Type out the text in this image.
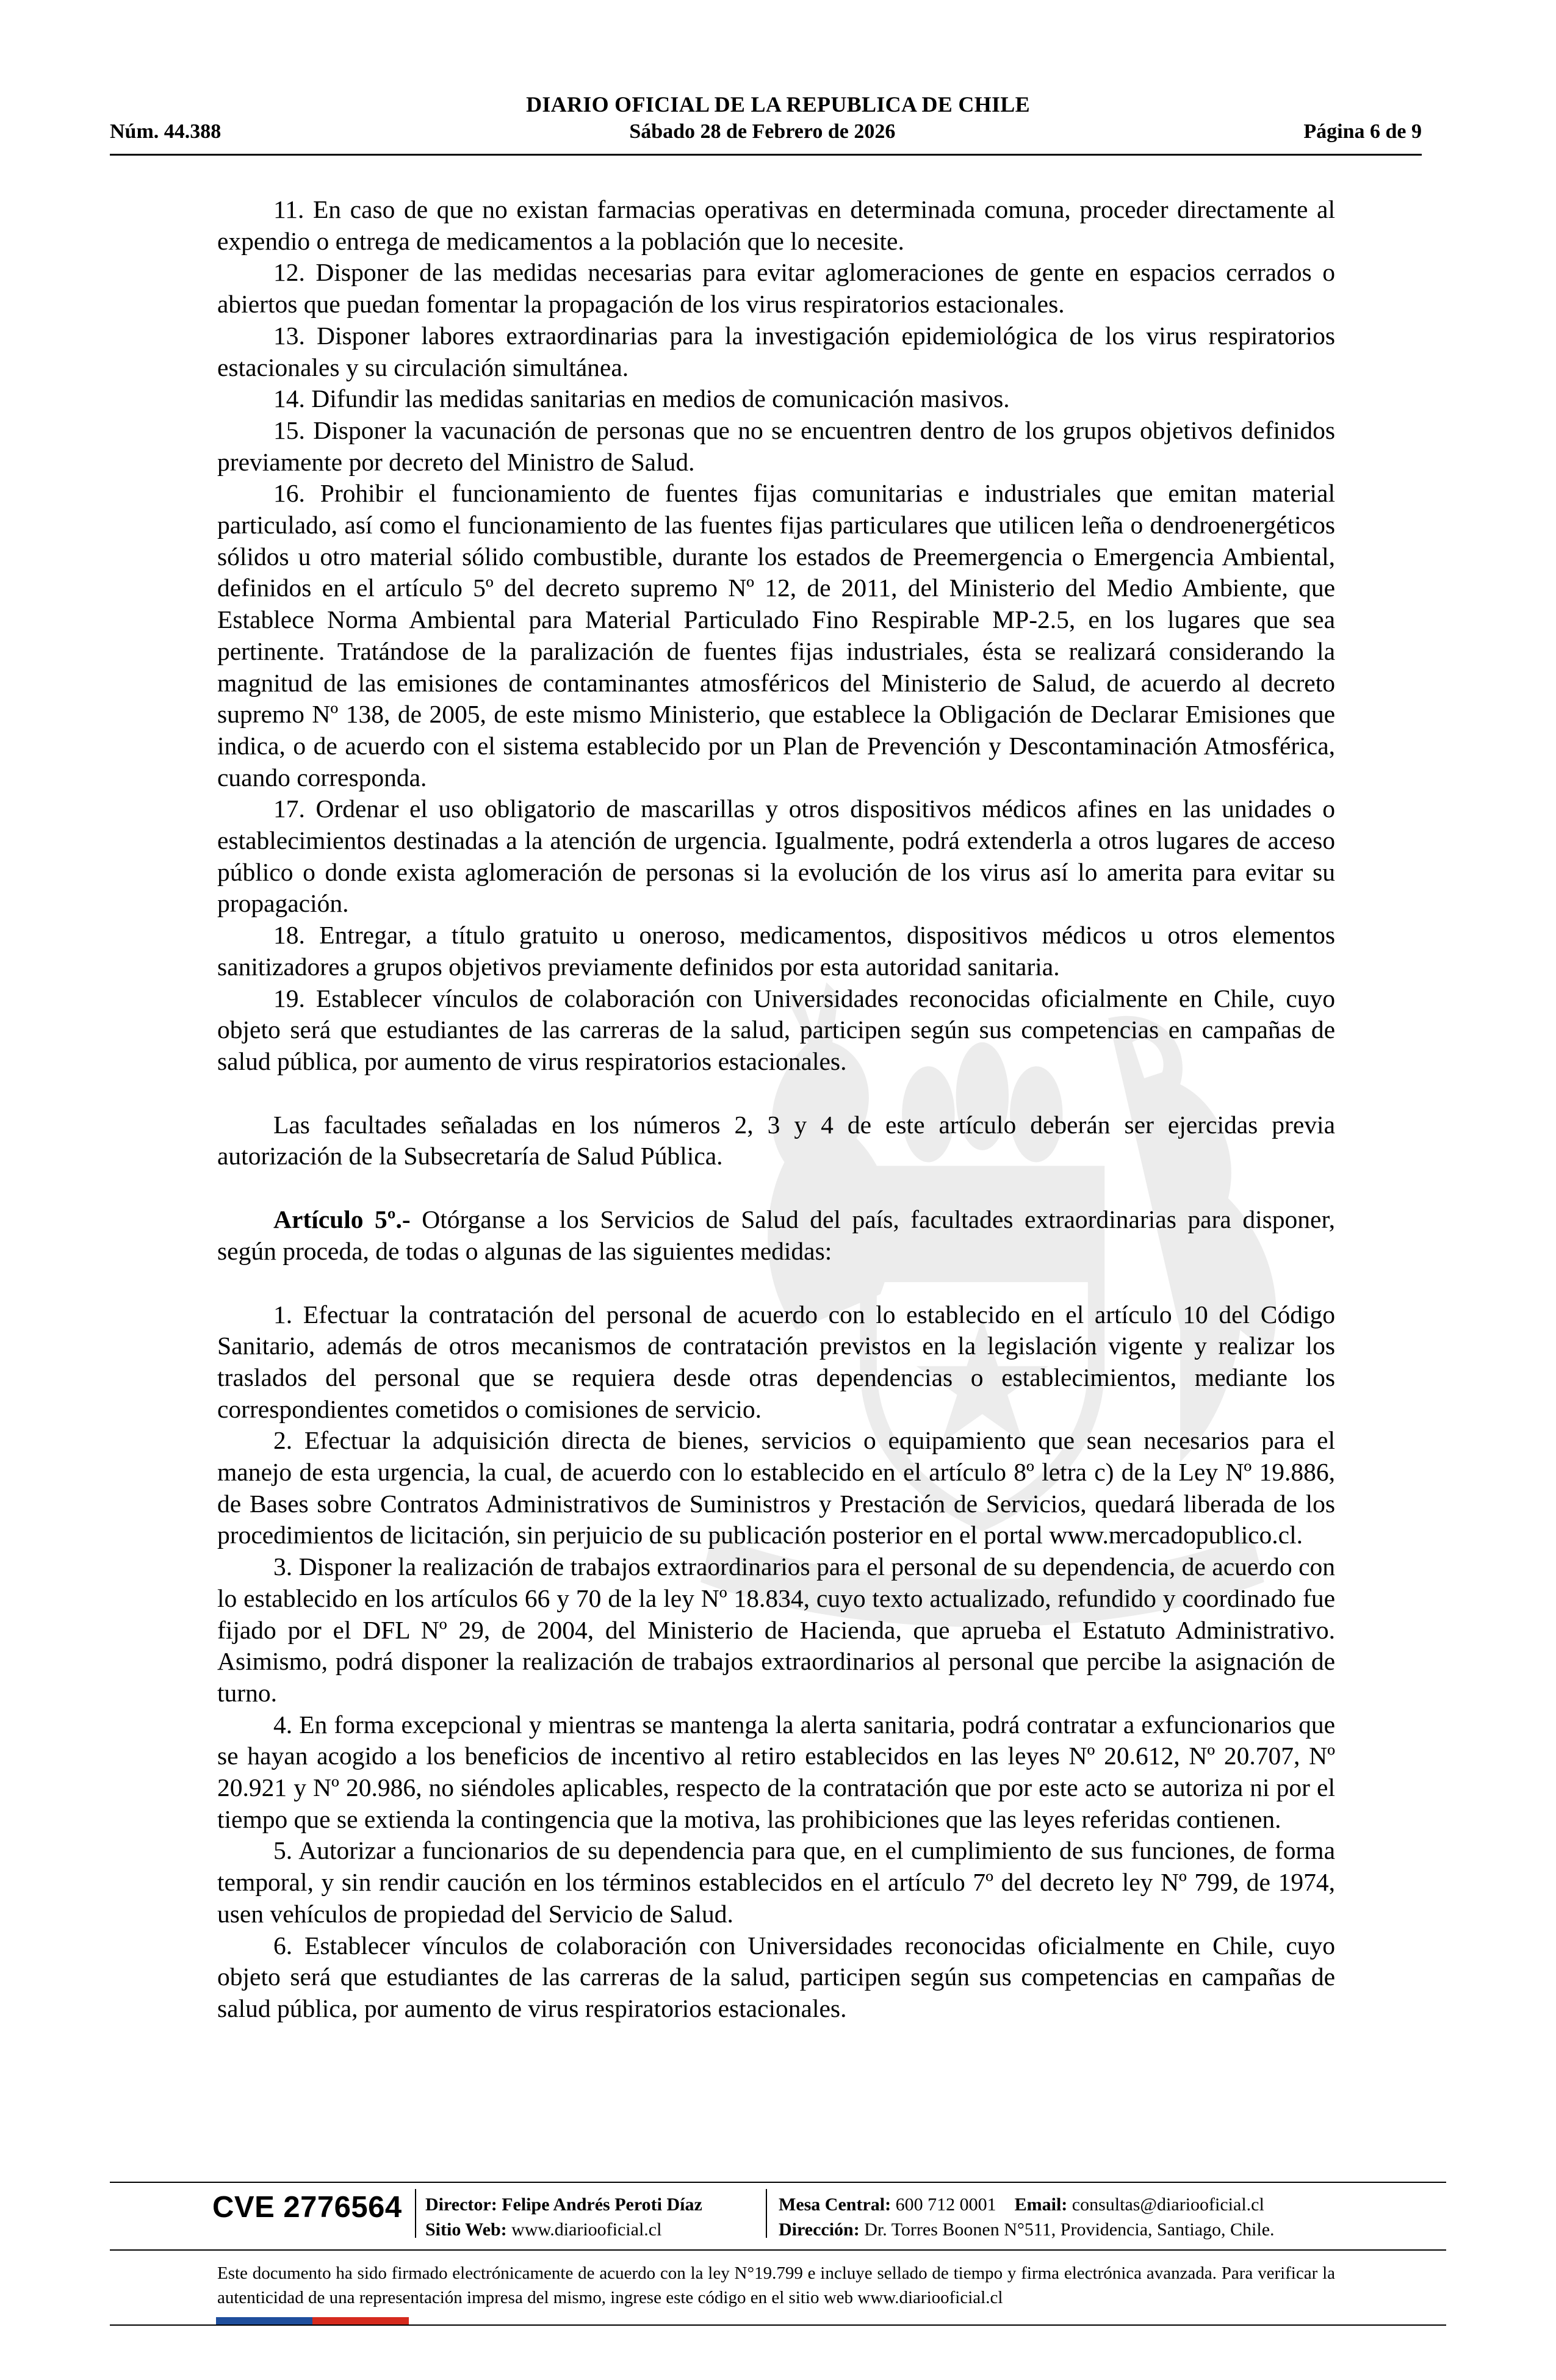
DIARIO OFICIAL DE LA REPUBLICA DE CHILE
Núm. 44.388	Sábado 28 de Febrero de 2026	Página 6 de 9

11. En caso de que no existan farmacias operativas en determinada comuna, proceder directamente al expendio o entrega de medicamentos a la población que lo necesite.

12. Disponer de las medidas necesarias para evitar aglomeraciones de gente en espacios cerrados o abiertos que puedan fomentar la propagación de los virus respiratorios estacionales.

13. Disponer labores extraordinarias para la investigación epidemiológica de los virus respiratorios estacionales y su circulación simultánea.

14. Difundir las medidas sanitarias en medios de comunicación masivos.

15. Disponer la vacunación de personas que no se encuentren dentro de los grupos objetivos definidos previamente por decreto del Ministro de Salud.

16. Prohibir el funcionamiento de fuentes fijas comunitarias e industriales que emitan material particulado, así como el funcionamiento de las fuentes fijas particulares que utilicen leña o dendroenergéticos sólidos u otro material sólido combustible, durante los estados de Preemergencia o Emergencia Ambiental, definidos en el artículo 5º del decreto supremo Nº 12, de 2011, del Ministerio del Medio Ambiente, que Establece Norma Ambiental para Material Particulado Fino Respirable MP-2.5, en los lugares que sea pertinente. Tratándose de la paralización de fuentes fijas industriales, ésta se realizará considerando la magnitud de las emisiones de contaminantes atmosféricos del Ministerio de Salud, de acuerdo al decreto supremo Nº 138, de 2005, de este mismo Ministerio, que establece la Obligación de Declarar Emisiones que indica, o de acuerdo con el sistema establecido por un Plan de Prevención y Descontaminación Atmosférica, cuando corresponda.

17. Ordenar el uso obligatorio de mascarillas y otros dispositivos médicos afines en las unidades o establecimientos destinadas a la atención de urgencia. Igualmente, podrá extenderla a otros lugares de acceso público o donde exista aglomeración de personas si la evolución de los virus así lo amerita para evitar su propagación.

18. Entregar, a título gratuito u oneroso, medicamentos, dispositivos médicos u otros elementos sanitizadores a grupos objetivos previamente definidos por esta autoridad sanitaria.

19. Establecer vínculos de colaboración con Universidades reconocidas oficialmente en Chile, cuyo objeto será que estudiantes de las carreras de la salud, participen según sus competencias en campañas de salud pública, por aumento de virus respiratorios estacionales.

Las facultades señaladas en los números 2, 3 y 4 de este artículo deberán ser ejercidas previa autorización de la Subsecretaría de Salud Pública.

Artículo 5º.- Otórganse a los Servicios de Salud del país, facultades extraordinarias para disponer, según proceda, de todas o algunas de las siguientes medidas:

1. Efectuar la contratación del personal de acuerdo con lo establecido en el artículo 10 del Código Sanitario, además de otros mecanismos de contratación previstos en la legislación vigente y realizar los traslados del personal que se requiera desde otras dependencias o establecimientos, mediante los correspondientes cometidos o comisiones de servicio.

2. Efectuar la adquisición directa de bienes, servicios o equipamiento que sean necesarios para el manejo de esta urgencia, la cual, de acuerdo con lo establecido en el artículo 8º letra c) de la Ley Nº 19.886, de Bases sobre Contratos Administrativos de Suministros y Prestación de Servicios, quedará liberada de los procedimientos de licitación, sin perjuicio de su publicación posterior en el portal www.mercadopublico.cl.

3. Disponer la realización de trabajos extraordinarios para el personal de su dependencia, de acuerdo con lo establecido en los artículos 66 y 70 de la ley Nº 18.834, cuyo texto actualizado, refundido y coordinado fue fijado por el DFL Nº 29, de 2004, del Ministerio de Hacienda, que aprueba el Estatuto Administrativo. Asimismo, podrá disponer la realización de trabajos extraordinarios al personal que percibe la asignación de turno.

4. En forma excepcional y mientras se mantenga la alerta sanitaria, podrá contratar a exfuncionarios que se hayan acogido a los beneficios de incentivo al retiro establecidos en las leyes Nº 20.612, Nº 20.707, Nº 20.921 y Nº 20.986, no siéndoles aplicables, respecto de la contratación que por este acto se autoriza ni por el tiempo que se extienda la contingencia que la motiva, las prohibiciones que las leyes referidas contienen.

5. Autorizar a funcionarios de su dependencia para que, en el cumplimiento de sus funciones, de forma temporal, y sin rendir caución en los términos establecidos en el artículo 7º del decreto ley Nº 799, de 1974, usen vehículos de propiedad del Servicio de Salud.

6. Establecer vínculos de colaboración con Universidades reconocidas oficialmente en Chile, cuyo objeto será que estudiantes de las carreras de la salud, participen según sus competencias en campañas de salud pública, por aumento de virus respiratorios estacionales.

CVE 2776564 Director: Felipe Andrés Peroti Díaz
Sitio Web: www.diariooficial.cl
Mesa Central: 600 712 0001 Email: consultas@diariooficial.cl
Dirección: Dr. Torres Boonen N°511, Providencia, Santiago, Chile.
Este documento ha sido firmado electrónicamente de acuerdo con la ley N°19.799 e incluye sellado de tiempo y firma electrónica avanzada. Para verificar la autenticidad de una representación impresa del mismo, ingrese este código en el sitio web www.diariooficial.cl
